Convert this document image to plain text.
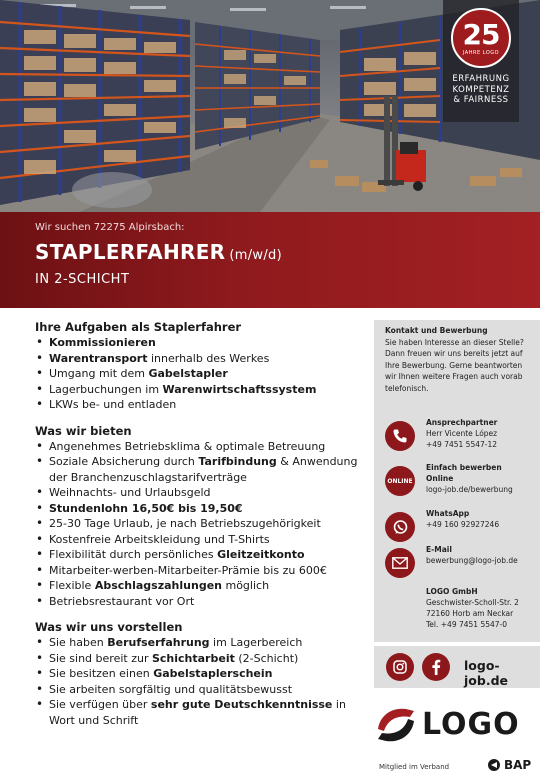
25
JAHRE LOGO
ERFAHRUNG
KOMPETENZ
& FAIRNESS
Wir suchen 72275 Alpirsbach:
STAPLERFAHRER (m/w/d)
IN 2-SCHICHT
Ihre Aufgaben als Staplerfahrer
• Kommissionieren
• Warentransport innerhalb des Werkes
• Umgang mit dem Gabelstapler
• Lagerbuchungen im Warenwirtschaftssystem
• LKWs be- und entladen
Was wir bieten
• Angenehmes Betriebsklima & optimale Betreuung
• Soziale Absicherung durch Tarifbindung & Anwendung der Branchenzuschlagstarifverträge
• Weihnachts- und Urlaubsgeld
• Stundenlohn 16,50€ bis 19,50€
• 25-30 Tage Urlaub, je nach Betriebszugehörigkeit
• Kostenfreie Arbeitskleidung und T-Shirts
• Flexibilität durch persönliches Gleitzeitkonto
• Mitarbeiter-werben-Mitarbeiter-Prämie bis zu 600€
• Flexible Abschlagszahlungen möglich
• Betriebsrestaurant vor Ort
Was wir uns vorstellen
• Sie haben Berufserfahrung im Lagerbereich
• Sie sind bereit zur Schichtarbeit (2-Schicht)
• Sie besitzen einen Gabelstaplerschein
• Sie arbeiten sorgfältig und qualitätsbewusst
• Sie verfügen über sehr gute Deutschkenntnisse in Wort und Schrift
Kontakt und Bewerbung
Sie haben Interesse an dieser Stelle? Dann freuen wir uns bereits jetzt auf Ihre Bewerbung. Gerne beantworten wir Ihnen weitere Fragen auch vorab telefonisch.
Ansprechpartner
Herr Vicente López
+49 7451 5547-12
ONLINE
Einfach bewerben
Online
logo-job.de/bewerbung
WhatsApp
+49 160 92927246
E-Mail
bewerbung@logo-job.de
LOGO GmbH
Geschwister-Scholl-Str. 2
72160 Horb am Neckar
Tel. +49 7451 5547-0
logo-job.de
LOGO
Mitglied im Verband	BAP
